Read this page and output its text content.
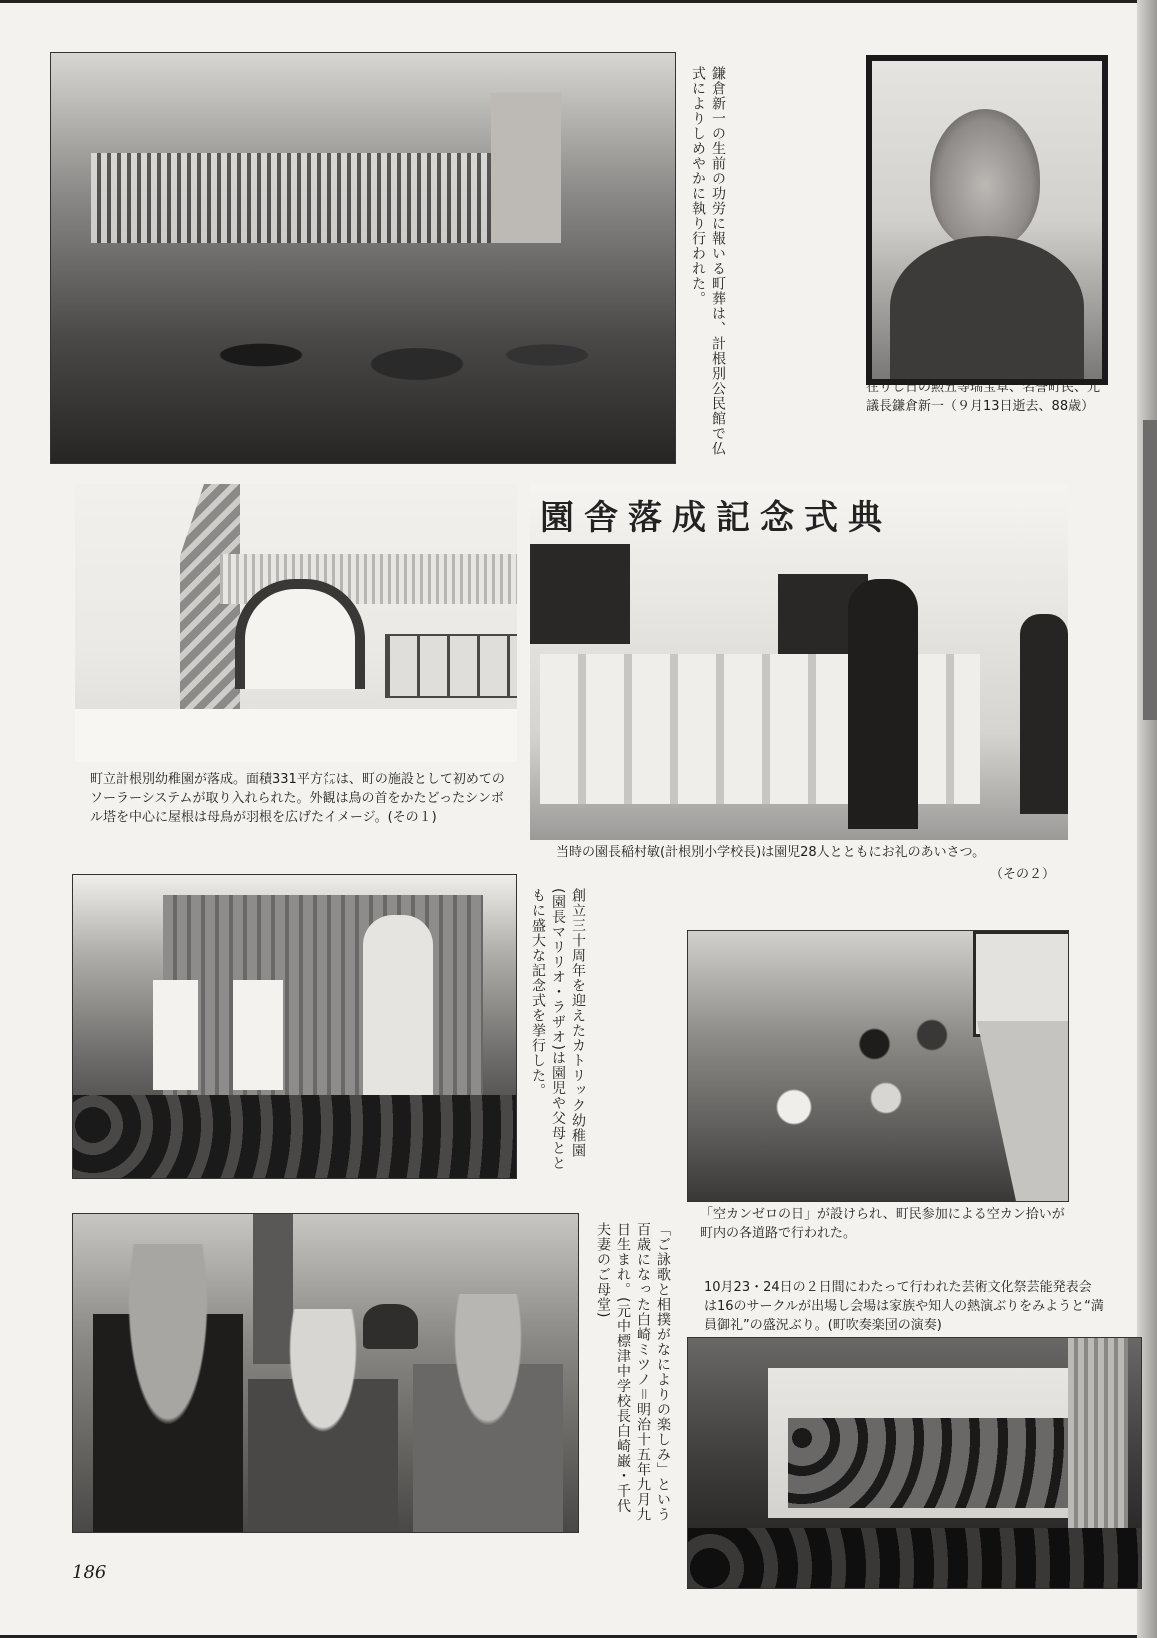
鎌倉新一の生前の功労に報いる町葬は、計根別公民館で仏式によりしめやかに執り行われた。
在りし日の勲五等瑞宝章、名誉町民、元議長鎌倉新一（９月13日逝去、88歳）
町立計根別幼稚園が落成。面積331平方㍍は、町の施設として初めてのソーラーシステムが取り入れられた。外観は鳥の首をかたどったシンボル塔を中心に屋根は母鳥が羽根を広げたイメージ。(その１)
園舎落成記念式典
当時の園長稲村敏(計根別小学校長)は園児28人とともにお礼のあいさつ。
（その２）
創立三十周年を迎えたカトリック幼稚園(園長マリリオ・ラザオ)は園児や父母とともに盛大な記念式を挙行した。
「空カンゼロの日」が設けられ、町民参加による空カン拾いが町内の各道路で行われた。
「ご詠歌と相撲がなによりの楽しみ」という百歳になった白崎ミツノ＝明治十五年九月九日生まれ。(元中標津中学校長白崎巌・千代夫妻のご母堂)	10月23・24日の２日間にわたって行われた芸術文化祭芸能発表会は16のサークルが出場し会場は家族や知人の熱演ぶりをみようと“満員御礼”の盛況ぶり。(町吹奏楽団の演奏)
186
